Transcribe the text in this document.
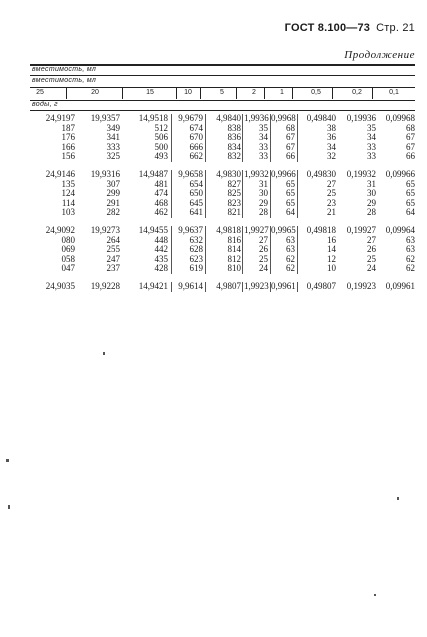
ГОСТ 8.100—73 Стр. 21
Продолжение
вместимость, мл
вместимость, мл
25	20	15	10	5	2	1	0,5	0,2	0,1
воды, г
24,9197	19,9357	14,9518	9,9679	4,9840 1,9936 0,9968	0,49840	0,19936	0,09968
187	349	512	674	838	35	68	38	35	68
176	341	506	670	836	34	67	36	34	67
166	333	500	666	834	33	67	34	33	67
156	325	493	662	832	33	66	32	33	66
24,9146	19,9316	14,9487	9,9658	4,9830 1,9932 0,9966	0,49830	0,19932	0,09966
135	307	481	654	827	31	65	27	31	65
124	299	474	650	825	30	65	25	30	65
114	291	468	645	823	29	65	23	29	65
103	282	462	641	821	28	64	21	28	64
24,9092	19,9273	14,9455	9,9637	4,9818 1,9927 0,9965	0,49818	0,19927	0,09964
080	264	448	632	816	27	63	16	27	63
069	255	442	628	814	26	63	14	26	63
058	247	435	623	812	25	62	12	25	62
047	237	428	619	810	24	62	10	24	62
24,9035	19,9228	14,9421	9,9614	4,9807 1,9923 0,9961	0,49807	0,19923	0,09961
